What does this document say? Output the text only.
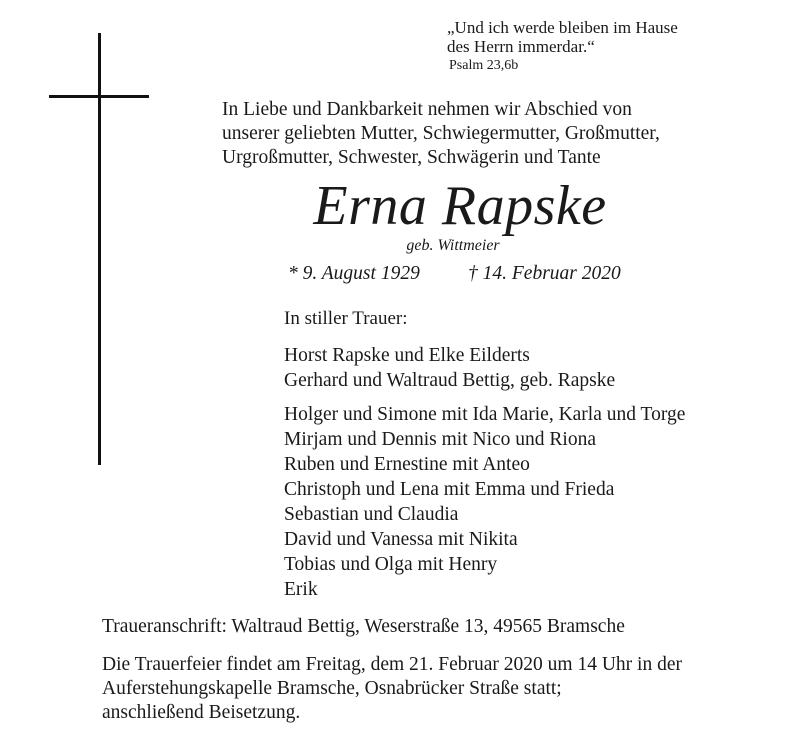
„Und ich werde bleiben im Hause
des Herrn immerdar.“
Psalm 23,6b
In Liebe und Dankbarkeit nehmen wir Abschied von
unserer geliebten Mutter, Schwiegermutter, Großmutter,
Urgroßmutter, Schwester, Schwägerin und Tante
Erna Rapske
geb. Wittmeier
* 9. August 1929 † 14. Februar 2020
In stiller Trauer:
Horst Rapske und Elke Eilderts
Gerhard und Waltraud Bettig, geb. Rapske
Holger und Simone mit Ida Marie, Karla und Torge
Mirjam und Dennis mit Nico und Riona
Ruben und Ernestine mit Anteo
Christoph und Lena mit Emma und Frieda
Sebastian und Claudia
David und Vanessa mit Nikita
Tobias und Olga mit Henry
Erik
Traueranschrift: Waltraud Bettig, Weserstraße 13, 49565 Bramsche
Die Trauerfeier findet am Freitag, dem 21. Februar 2020 um 14 Uhr in der
Auferstehungskapelle Bramsche, Osnabrücker Straße statt;
anschließend Beisetzung.
